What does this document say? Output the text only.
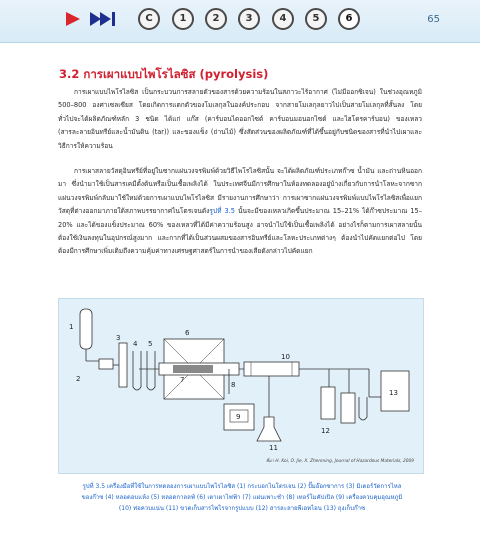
C	1	2	3	4	5	6	65
3.2 การเผาแบบไพโรไลซิส (pyrolysis)
การเผาแบบไพโรไลซิส เป็นกระบวนการสลายตัวของสารด้วยความร้อนในสภาวะไร้อากาศ (ไม่มีออกซิเจน) ในช่วงอุณหภูมิ 500–800 องศาเซลเซียส โดยเกิดการแตกตัวของโมเลกุลในองค์ประกอบ จากสายโมเลกุลยาวไปเป็นสายโมเลกุลที่สั้นลง โดยทั่วไปจะได้ผลิตภัณฑ์หลัก 3 ชนิด ได้แก่ แก๊ส (คาร์บอนไดออกไซด์ คาร์บอนมอนอกไซด์ และไฮโดรคาร์บอน) ของเหลว (สารละลายอินทรีย์และน้ำมันดิน (tar)) และของแข็ง (ถ่านไม้) ซึ่งสัดส่วนของผลิตภัณฑ์ที่ได้ขึ้นอยู่กับชนิดของสารที่นำไปเผาและวิธีการให้ความร้อน
การเผาสลายวัสดุอินทรีย์ที่อยู่ในซากแผ่นวงจรพิมพ์ด้วยวิธีไพโรไลซิสนั้น จะได้ผลิตภัณฑ์ประเภทก๊าซ น้ำมัน และถ่านหินออกมา ซึ่งนำมาใช้เป็นสารเคมีตั้งต้นหรือเป็นเชื้อเพลิงได้ ในประเทศจีนมีการศึกษาในห้องทดลองอยู่บ้างเกี่ยวกับการนำโลหะจากซากแผ่นวงจรพิมพ์กลับมาใช้ใหม่ด้วยการเผาแบบไพโรไลซิส มีรายงานการศึกษาว่า การเผาซากแผ่นวงจรพิมพ์แบบไพโรไลซิสเพื่อแยกวัสดุที่ต่างออกมาภายใต้สภาพบรรยากาศไนโตรเจนดังรูปที่ 3.5 นั้นจะมีของเหลวเกิดขึ้นประมาณ 15–21% ได้ก๊าซประมาณ 15–20% และได้ของแข็งประมาณ 60% ของเหลวที่ได้มีค่าความร้อนสูง อาจนำไปใช้เป็นเชื้อเพลิงได้ อย่างไรก็ตามการเผาสลายนั้นต้องใช้เงินลงทุนในอุปกรณ์สูงมาก และกากที่ได้เป็นส่วนผสมของสารอินทรีย์และโลหะประเภทต่างๆ ต้องนำไปคัดแยกต่อไป โดยต้องมีการศึกษาเพิ่มเติมถึงความคุ้มค่าทางเศรษฐศาสตร์ในการนำของเสียดังกล่าวไปคัดแยก
1
2
3
4 5
6
7
8
9
10
11
12
13
ที่มา H. Koi, O. Jie, X. Zhenming, Journal of Hazardous Materials, 2009
รูปที่ 3.5 เครื่องมือที่ใช้ในการทดลองการเผาแบบไพโรไลซิส (1) กระบอกไนโตรเจน (2) ปั๊มอ๊อกซาการ (3) มิเตอร์วัดการไหลของก๊าซ (4) หลอดอบแห้ง (5) หลอดกาลลฟ์ (6) เตาเผาไฟฟ้า (7) แผ่นเพาะชำ (8) เทอร์โมคัปเปิล (9) เครื่องควบคุมอุณหภูมิ (10) ท่อควบแน่น (11) ขวดเก็บสารไพโรจากรูปแบบ (12) สารละลายพีเอทไอน (13) ถุงเก็บก๊าซ
